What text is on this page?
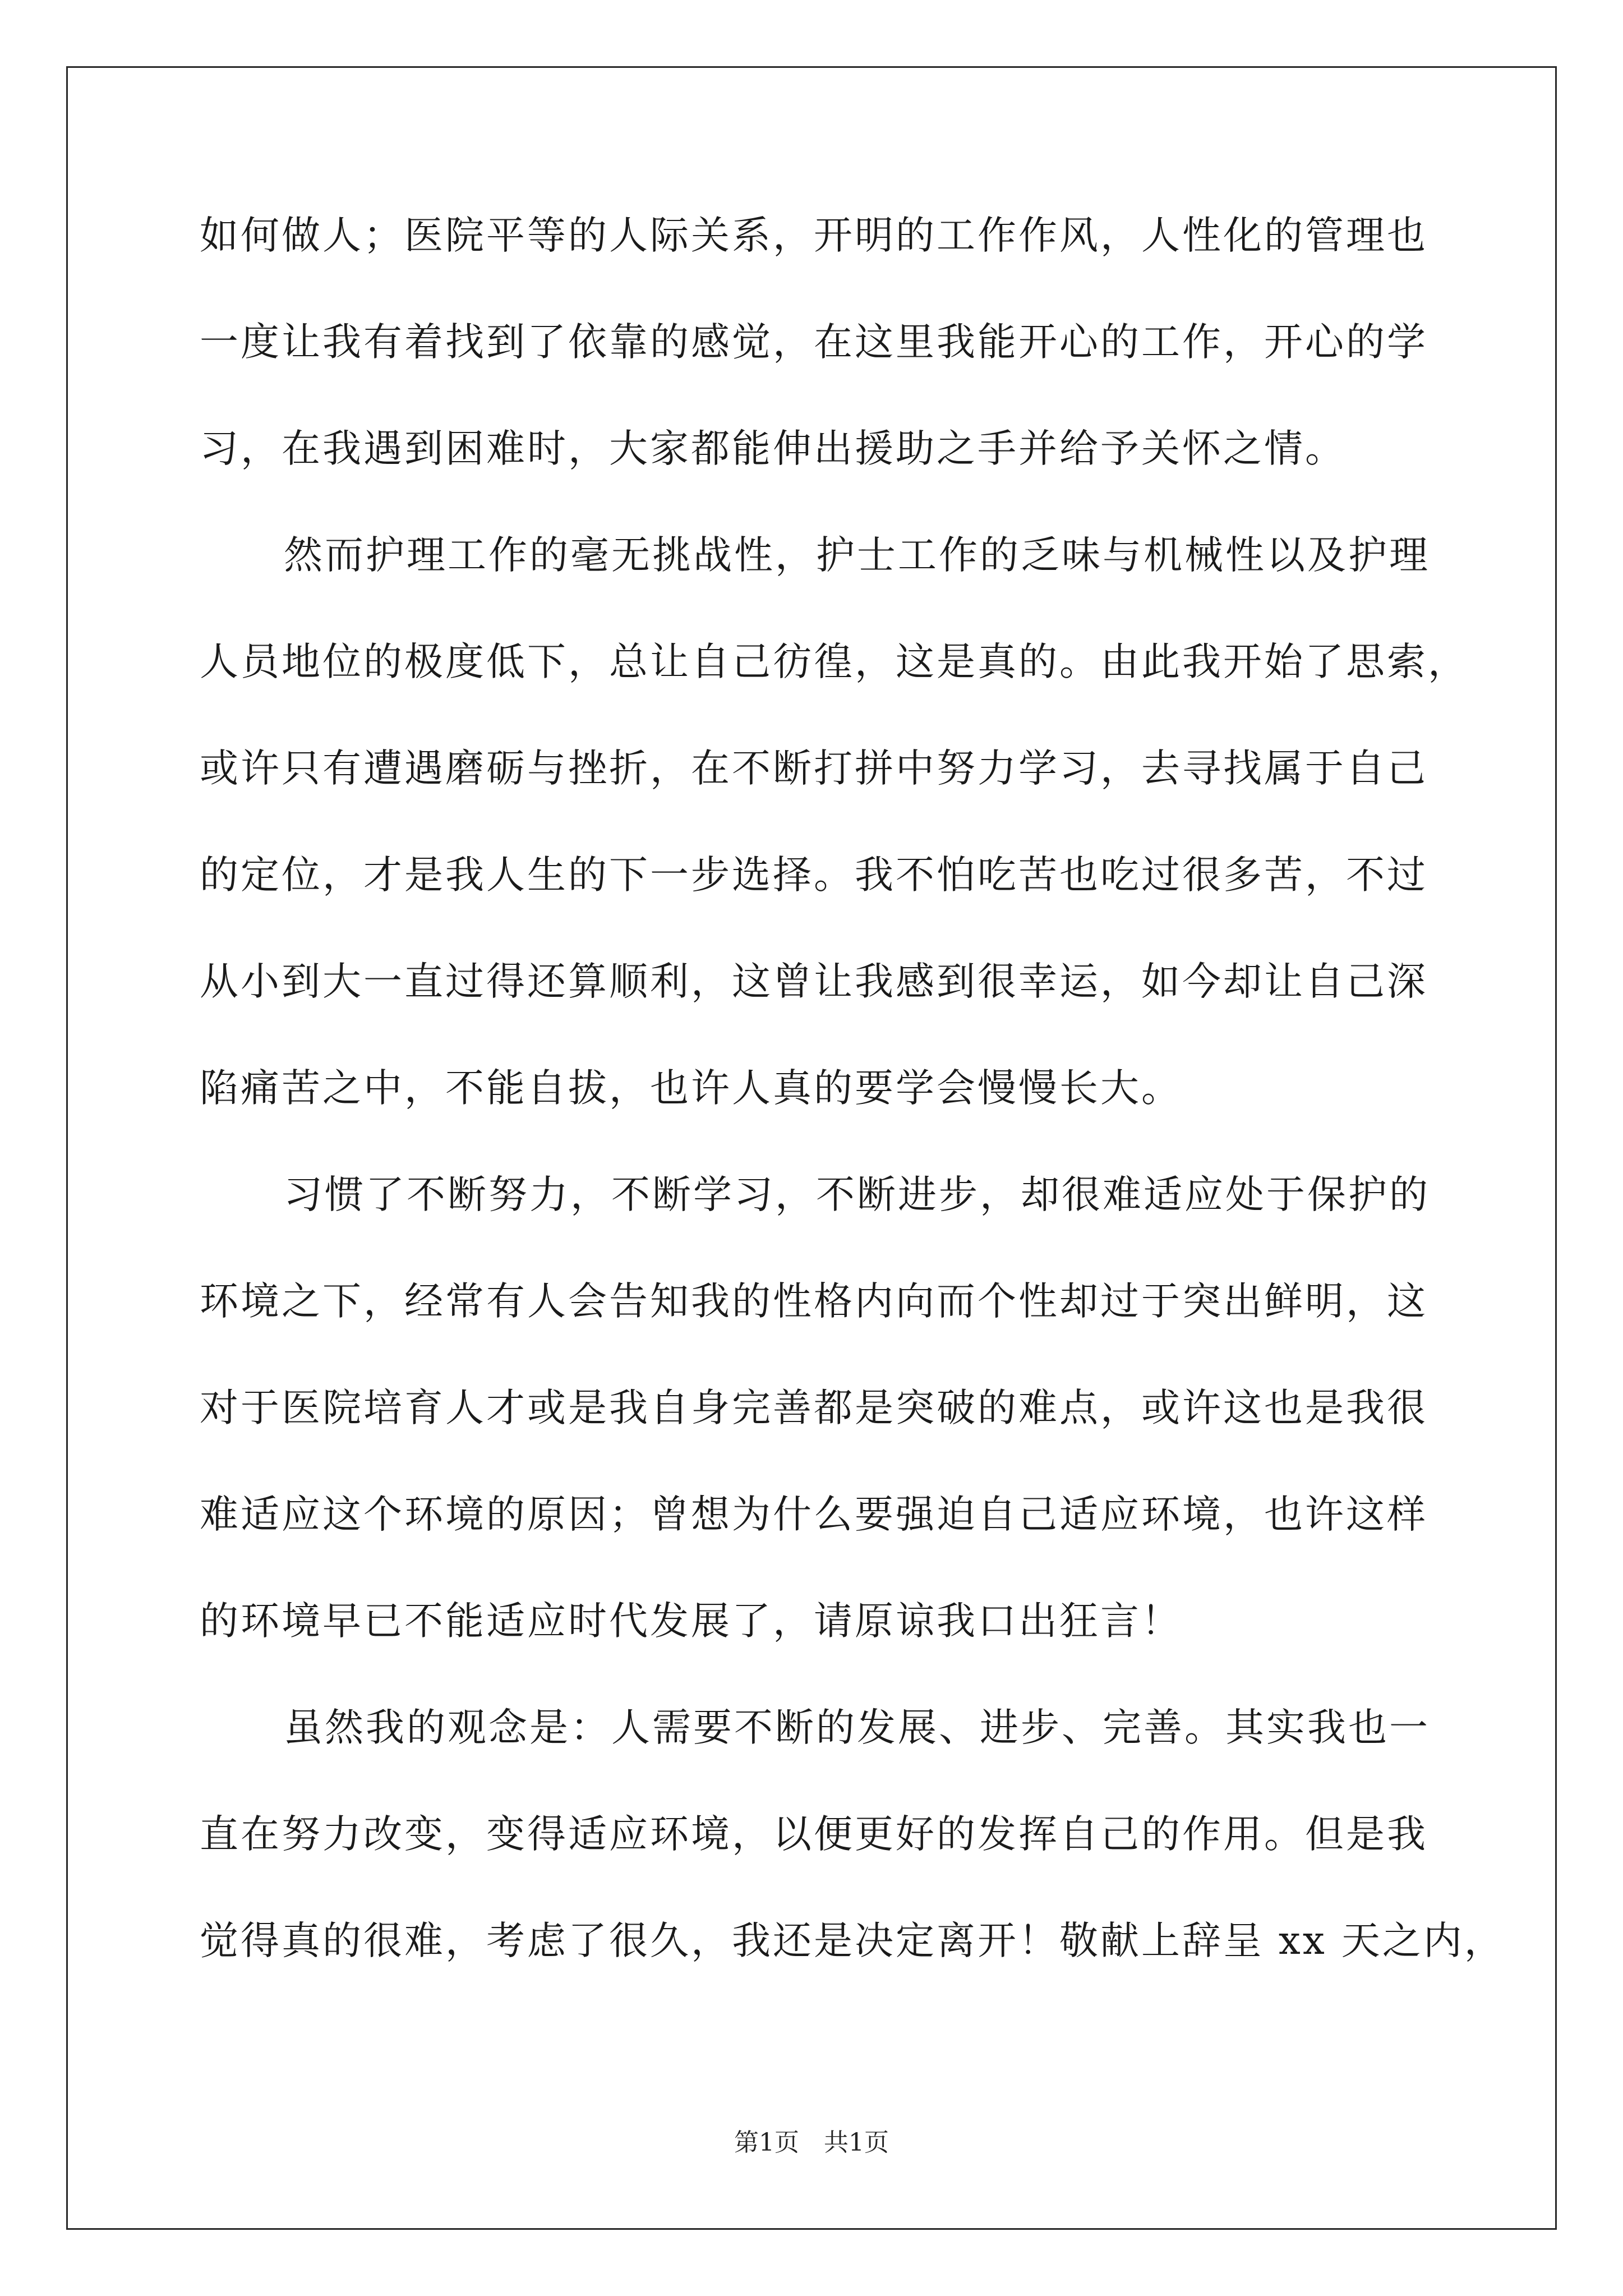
如何做人；医院平等的人际关系，开明的工作作风，人性化的管理也
一度让我有着找到了依靠的感觉，在这里我能开心的工作，开心的学
习，在我遇到困难时，大家都能伸出援助之手并给予关怀之情。
然而护理工作的毫无挑战性，护士工作的乏味与机械性以及护理
人员地位的极度低下，总让自己彷徨，这是真的。由此我开始了思索，
或许只有遭遇磨砺与挫折，在不断打拼中努力学习，去寻找属于自己
的定位，才是我人生的下一步选择。我不怕吃苦也吃过很多苦，不过
从小到大一直过得还算顺利，这曾让我感到很幸运，如今却让自己深
陷痛苦之中，不能自拔，也许人真的要学会慢慢长大。
习惯了不断努力，不断学习，不断进步，却很难适应处于保护的
环境之下，经常有人会告知我的性格内向而个性却过于突出鲜明，这
对于医院培育人才或是我自身完善都是突破的难点，或许这也是我很
难适应这个环境的原因；曾想为什么要强迫自己适应环境，也许这样
的环境早已不能适应时代发展了，请原谅我口出狂言！
虽然我的观念是：人需要不断的发展、进步、完善。其实我也一
直在努力改变，变得适应环境，以便更好的发挥自己的作用。但是我
觉得真的很难，考虑了很久，我还是决定离开！敬献上辞呈 xx 天之内，
第1页　共1页
